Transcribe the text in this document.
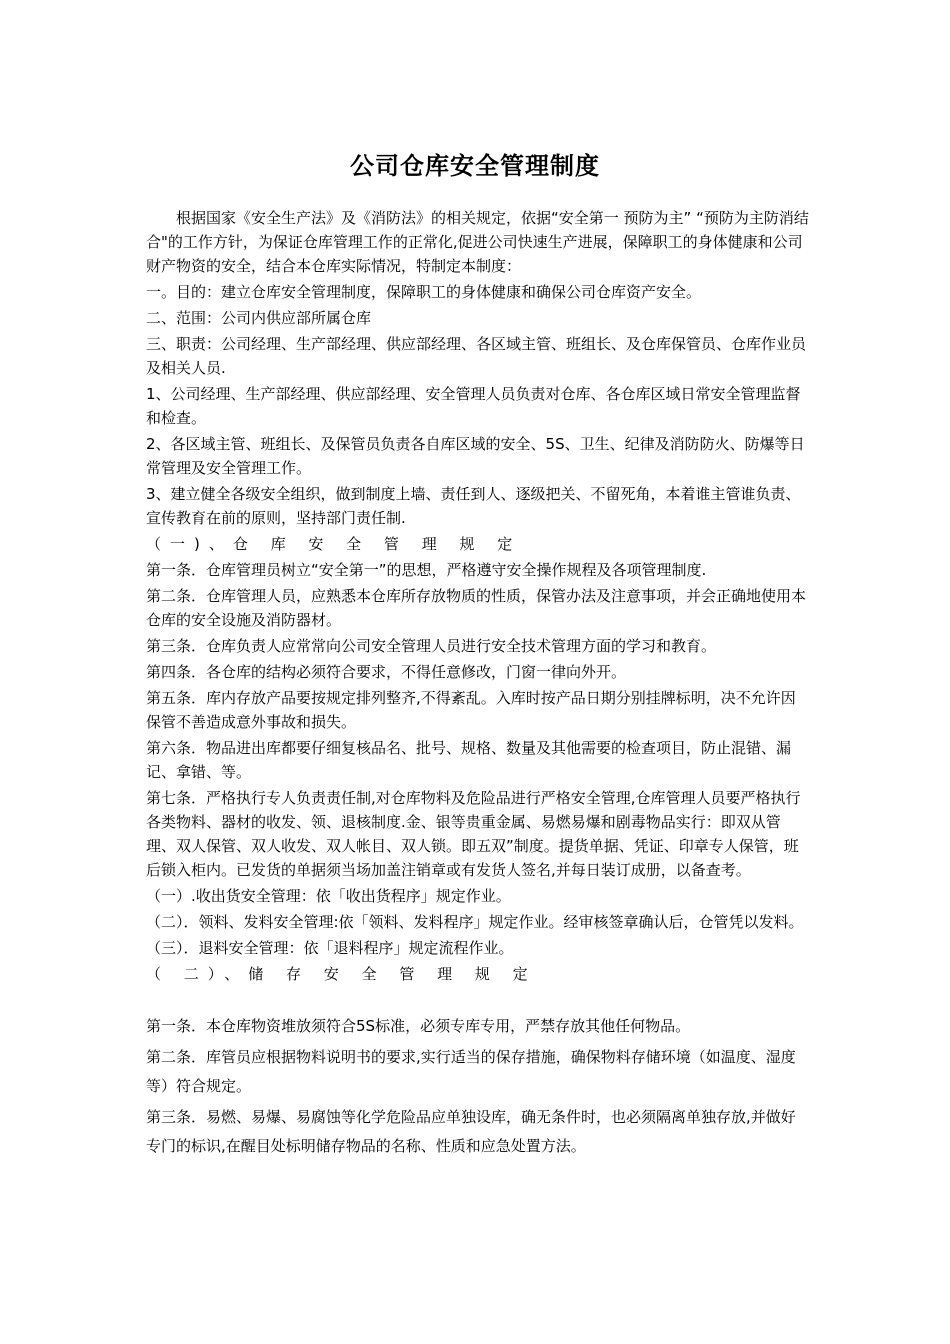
公司仓库安全管理制度

根据国家《安全生产法》及《消防法》的相关规定，依据“安全第一 预防为主” “预防为主防消结合"的工作方针，为保证仓库管理工作的正常化,促进公司快速生产进展，保障职工的身体健康和公司财产物资的安全，结合本仓库实际情况，特制定本制度：

一。目的：建立仓库安全管理制度，保障职工的身体健康和确保公司仓库资产安全。

二、范围：公司内供应部所属仓库

三、职责：公司经理、生产部经理、供应部经理、各区域主管、班组长、及仓库保管员、仓库作业员及相关人员.

1、公司经理、生产部经理、供应部经理、安全管理人员负责对仓库、各仓库区域日常安全管理监督和检查。

2、各区域主管、班组长、及保管员负责各自库区域的安全、5S、卫生、纪律及消防防火、防爆等日常管理及安全管理工作。

3、建立健全各级安全组织，做到制度上墙、责任到人、逐级把关、不留死角，本着谁主管谁负责、宣传教育在前的原则，坚持部门责任制.

（一)、仓 库 安 全 管 理 规 定

第一条．仓库管理员树立“安全第一”的思想，严格遵守安全操作规程及各项管理制度.

第二条．仓库管理人员，应熟悉本仓库所存放物质的性质，保管办法及注意事项，并会正确地使用本仓库的安全设施及消防器材。

第三条．仓库负责人应常常向公司安全管理人员进行安全技术管理方面的学习和教育。

第四条．各仓库的结构必须符合要求，不得任意修改，门窗一律向外开。

第五条．库内存放产品要按规定排列整齐,不得紊乱。入库时按产品日期分别挂牌标明，决不允许因保管不善造成意外事故和损失。

第六条．物品进出库都要仔细复核品名、批号、规格、数量及其他需要的检查项目，防止混错、漏记、拿错、等。

第七条．严格执行专人负责责任制,对仓库物料及危险品进行严格安全管理,仓库管理人员要严格执行各类物料、器材的收发、领、退核制度.金、银等贵重金属、易燃易爆和剧毒物品实行：即双从管理、双人保管、双人收发、双人帐目、双人锁。即五双”制度。提货单据、凭证、印章专人保管，班后锁入柜内。已发货的单据须当场加盖注销章或有发货人签名,并每日装订成册，以备查考。

（一）.收出货安全管理：依「收出货程序」规定作业。

（二）．领料、发料安全管理:依「领料、发料程序」规定作业。经审核签章确认后，仓管凭以发料。

（三）．退料安全管理：依「退料程序」规定流程作业。

（ 二）、储 存 安 全 管 理 规 定

第一条．本仓库物资堆放须符合5S标准，必须专库专用，严禁存放其他任何物品。

第二条．库管员应根据物料说明书的要求,实行适当的保存措施，确保物料存储环境（如温度、湿度等）符合规定。

第三条．易燃、易爆、易腐蚀等化学危险品应单独设库，确无条件时，也必须隔离单独存放,并做好专门的标识,在醒目处标明储存物品的名称、性质和应急处置方法。
